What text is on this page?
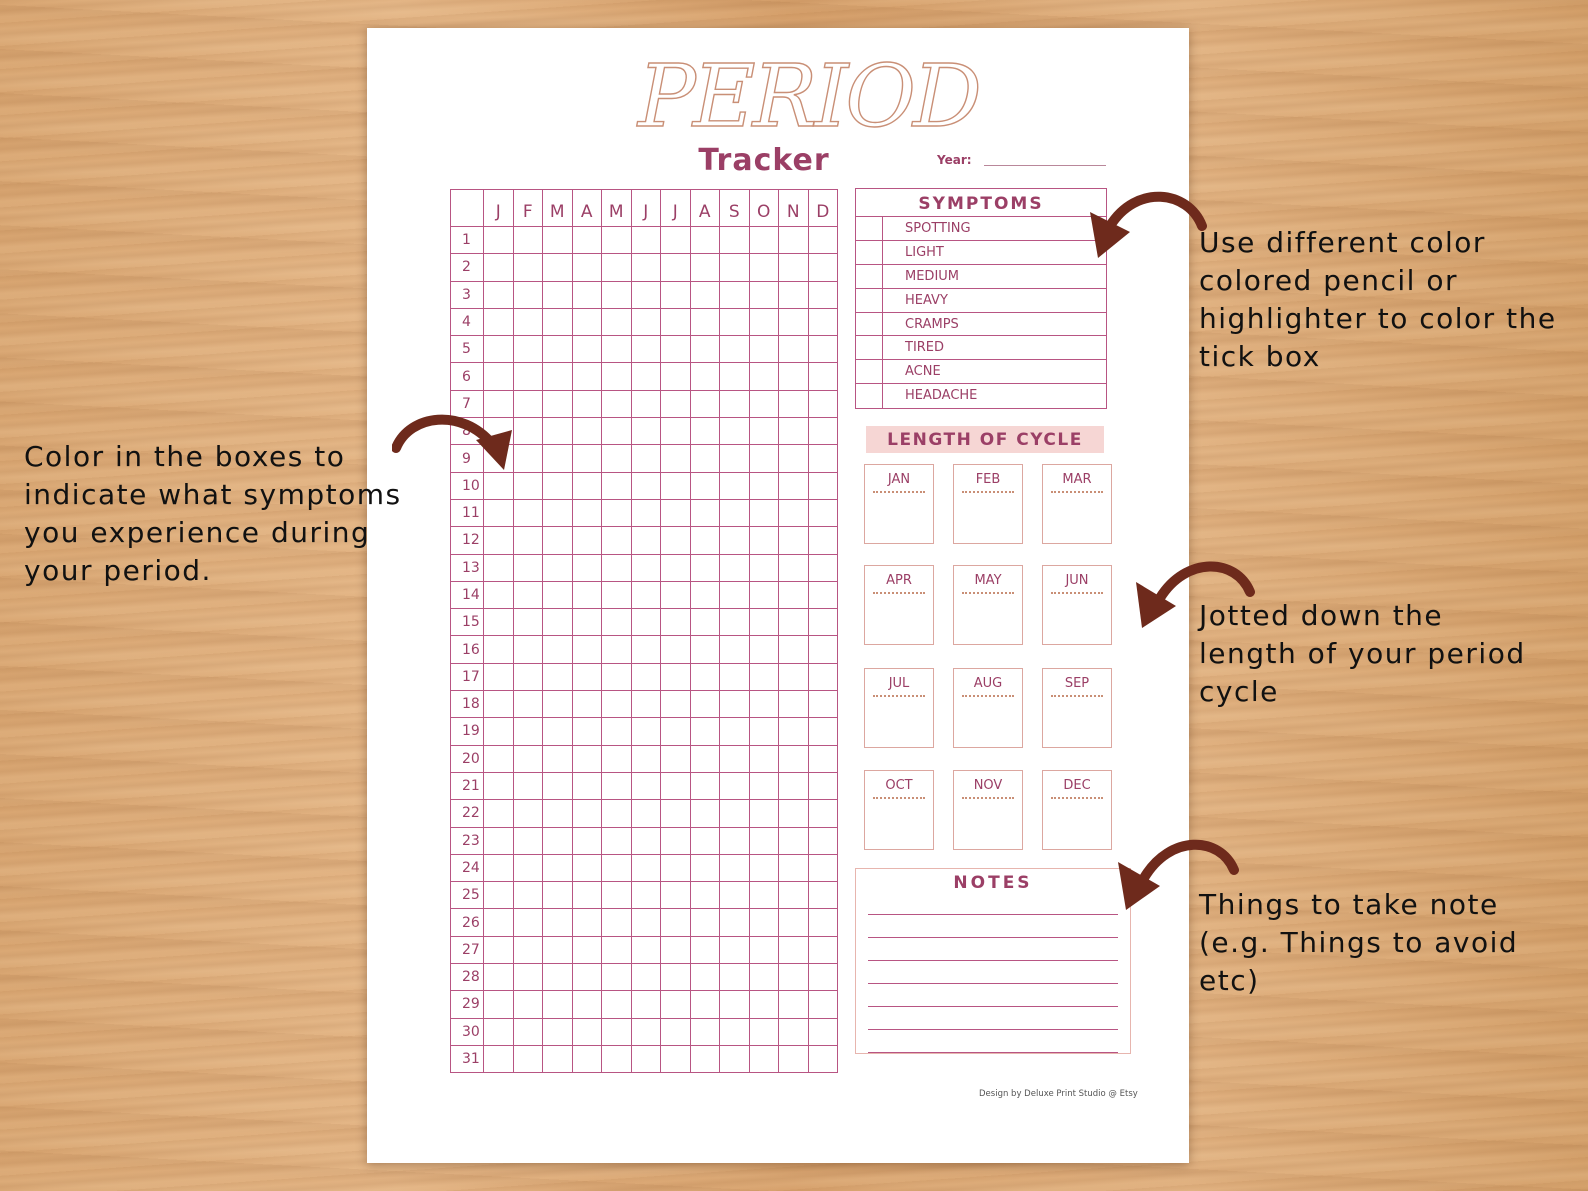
PERIOD
Tracker	Year:
	J	F	M	A	M	J	J	A	S	O	N	D
1												
2												
3												
4												
5												
6												
7												
8												
9												
10												
11												
12												
13												
14												
15												
16												
17												
18												
19												
20												
21												
22												
23												
24												
25												
26												
27												
28												
29												
30												
31												
SYMPTOMS
SPOTTING
LIGHT
MEDIUM
HEAVY
CRAMPS
TIRED
ACNE
HEADACHE
LENGTH OF CYCLE
JAN	FEB	MAR
APR	MAY	JUN
JUL	AUG	SEP
OCT	NOV	DEC
NOTES
Design by Deluxe Print Studio @ Etsy
Color in the boxes to
indicate what symptoms
you experience during
your period.
Use different color
colored pencil or
highlighter to color the
tick box
Jotted down the
length of your period
cycle
Things to take note
(e.g. Things to avoid
etc)
